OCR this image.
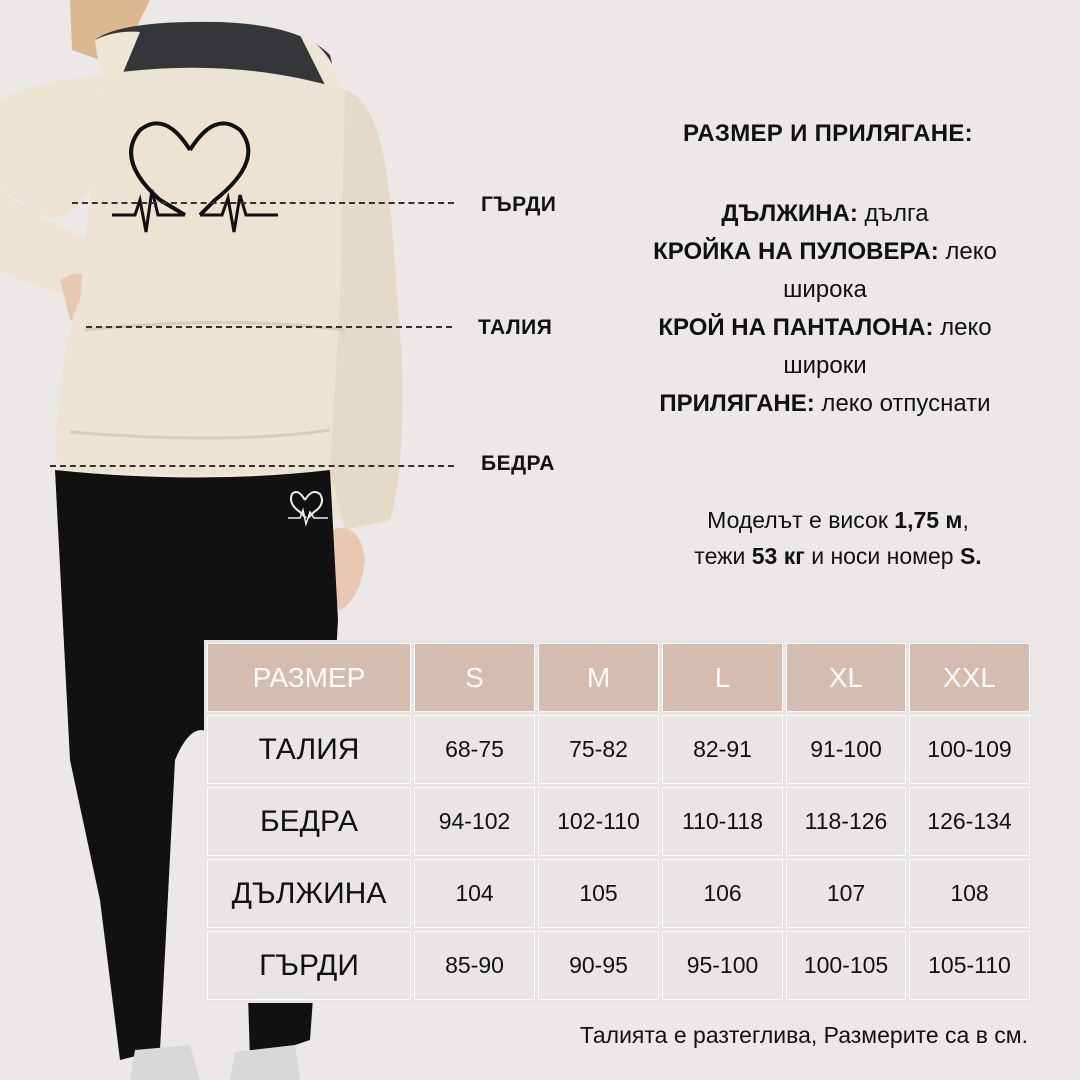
ГЪРДИ
ТАЛИЯ
БЕДРА
РАЗМЕР И ПРИЛЯГАНЕ:
ДЪЛЖИНА: дълга
КРОЙКА НА ПУЛОВЕРА: леко
широка
КРОЙ НА ПАНТАЛОНА: леко
широки
ПРИЛЯГАНЕ: леко отпуснати
Моделът е висок 1,75 м,
тежи 53 кг и носи номер S.
РАЗМЕР	S	M	L	XL	XXL
ТАЛИЯ	68-75	75-82	82-91	91-100	100-109
БЕДРА	94-102	102-110	110-118	118-126	126-134
ДЪЛЖИНА	104	105	106	107	108
ГЪРДИ	85-90	90-95	95-100	100-105	105-110
Талията е разтеглива, Размерите са в см.
